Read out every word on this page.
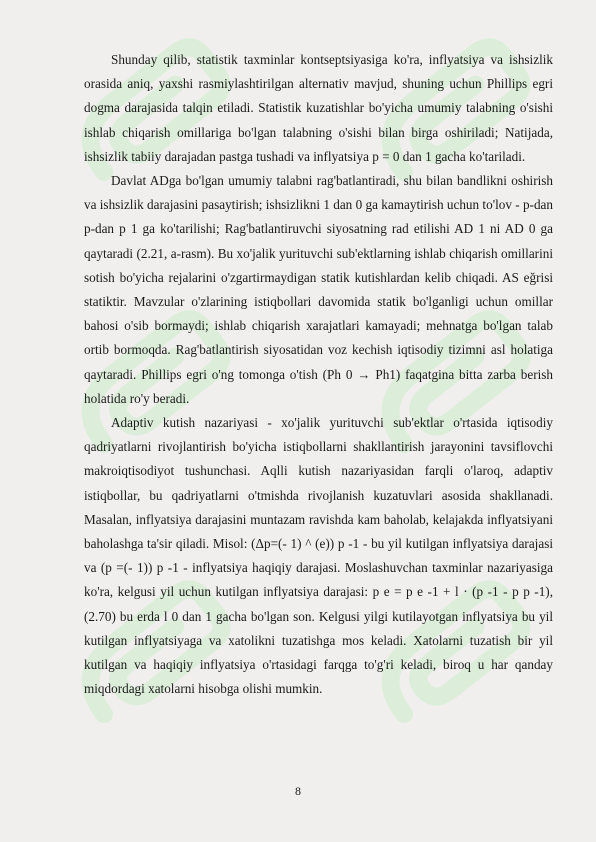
Shunday qilib, statistik taxminlar kontseptsiyasiga ko'ra, inflyatsiya va ishsizlik orasida aniq, yaxshi rasmiylashtirilgan alternativ mavjud, shuning uchun Phillips egri dogma darajasida talqin etiladi. Statistik kuzatishlar bo'yicha umumiy talabning o'sishi ishlab chiqarish omillariga bo'lgan talabning o'sishi bilan birga oshiriladi; Natijada, ishsizlik tabiiy darajadan pastga tushadi va inflyatsiya p = 0 dan 1 gacha ko'tariladi.

Davlat ADga bo'lgan umumiy talabni rag'batlantiradi, shu bilan bandlikni oshirish va ishsizlik darajasini pasaytirish; ishsizlikni 1 dan 0 ga kamaytirish uchun to'lov - p-dan p-dan p 1 ga ko'tarilishi; Rag'batlantiruvchi siyosatning rad etilishi AD 1 ni AD 0 ga qaytaradi (2.21, a-rasm). Bu xo'jalik yurituvchi sub'ektlarning ishlab chiqarish omillarini sotish bo'yicha rejalarini o'zgartirmaydigan statik kutishlardan kelib chiqadi. AS eğrisi statiktir. Mavzular o'zlarining istiqbollari davomida statik bo'lganligi uchun omillar bahosi o'sib bormaydi; ishlab chiqarish xarajatlari kamayadi; mehnatga bo'lgan talab ortib bormoqda. Rag'batlantirish siyosatidan voz kechish iqtisodiy tizimni asl holatiga qaytaradi. Phillips egri o'ng tomonga o'tish (Ph 0 → Ph1) faqatgina bitta zarba berish holatida ro'y beradi.

Adaptiv kutish nazariyasi - xo'jalik yurituvchi sub'ektlar o'rtasida iqtisodiy qadriyatlarni rivojlantirish bo'yicha istiqbollarni shakllantirish jarayonini tavsiflovchi makroiqtisodiyot tushunchasi. Aqlli kutish nazariyasidan farqli o'laroq, adaptiv istiqbollar, bu qadriyatlarni o'tmishda rivojlanish kuzatuvlari asosida shakllanadi. Masalan, inflyatsiya darajasini muntazam ravishda kam baholab, kelajakda inflyatsiyani baholashga ta'sir qiladi. Misol: (Δp=(- 1) ^ (e)) p -1 - bu yil kutilgan inflyatsiya darajasi va (p =(- 1)) p -1 - inflyatsiya haqiqiy darajasi. Moslashuvchan taxminlar nazariyasiga ko'ra, kelgusi yil uchun kutilgan inflyatsiya darajasi: p e = p e -1 + l · (p -1 - p p -1), (2.70) bu erda l 0 dan 1 gacha bo'lgan son. Kelgusi yilgi kutilayotgan inflyatsiya bu yil kutilgan inflyatsiyaga va xatolikni tuzatishga mos keladi. Xatolarni tuzatish bir yil kutilgan va haqiqiy inflyatsiya o'rtasidagi farqga to'g'ri keladi, biroq u har qanday miqdordagi xatolarni hisobga olishi mumkin.

8
